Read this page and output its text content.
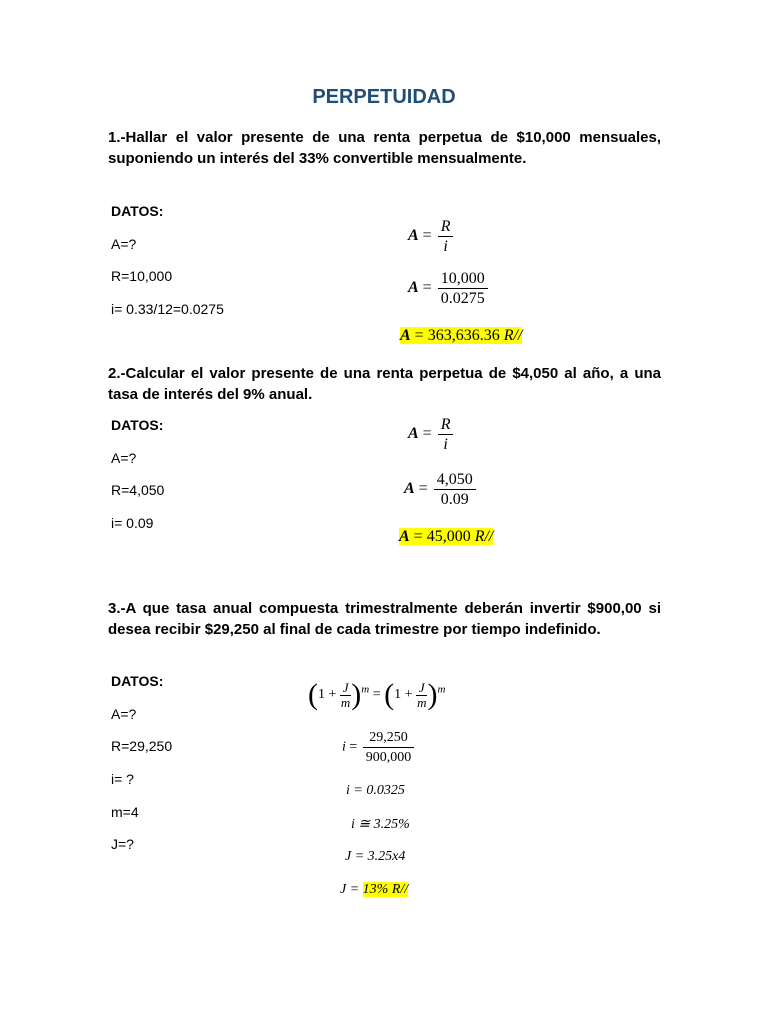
PERPETUIDAD
1.-Hallar el valor presente de una renta perpetua de $10,000 mensuales, suponiendo un interés del 33% convertible mensualmente.
DATOS:
A=?
R=10,000
i= 0.33/12=0.0275
$A = \frac{R}{i}$
$A = \frac{10,000}{0.0275}$
A = 363,636.36 R//
2.-Calcular el valor presente de una renta perpetua de $4,050 al año, a una tasa de interés del 9% anual.
DATOS:
A=?
R=4,050
i= 0.09
$A = \frac{R}{i}$
$A = \frac{4,050}{0.09}$
A = 45,000 R//
3.-A que tasa anual compuesta trimestralmente deberán invertir $900,00 si desea recibir $29,250 al final de cada trimestre por tiempo indefinido.
DATOS:
A=?
R=29,250
i= ?
m=4
J=?
$(1 + \frac{J}{m} )^m = (1 + \frac{J}{m} )^m$
$i = \frac{29,250}{900,000}$
i = 0.0325
i ≅ 3.25%
J = 3.25x4
J = 13% R//
